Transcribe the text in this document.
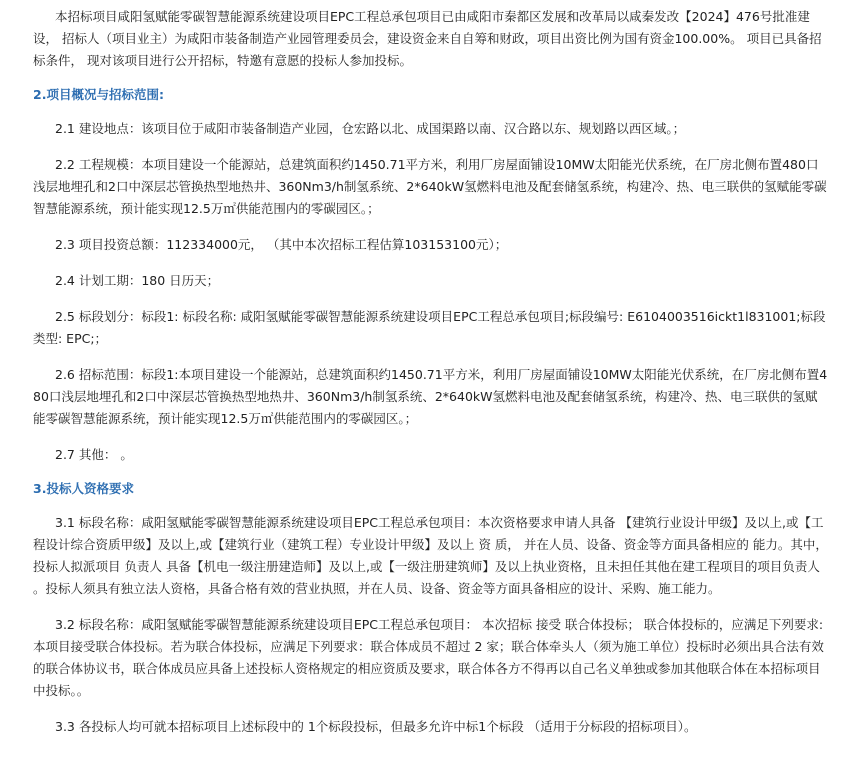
本招标项目咸阳氢赋能零碳智慧能源系统建设项目EPC工程总承包项目已由咸阳市秦都区发展和改革局以咸秦发改【2024】476号批准建设， 招标人（项目业主）为咸阳市装备制造产业园管理委员会，建设资金来自自筹和财政，项目出资比例为国有资金100.00%。 项目已具备招标条件， 现对该项目进行公开招标，特邀有意愿的投标人参加投标。

2.项目概况与招标范围:

2.1 建设地点：该项目位于咸阳市装备制造产业园，仓宏路以北、成国渠路以南、汉合路以东、规划路以西区域。；

2.2 工程规模：本项目建设一个能源站，总建筑面积约1450.71平方米，利用厂房屋面铺设10MW太阳能光伏系统，在厂房北侧布置480口浅层地埋孔和2口中深层芯管换热型地热井、360Nm3/h制氢系统、2*640kW氢燃料电池及配套储氢系统，构建冷、热、电三联供的氢赋能零碳智慧能源系统，预计能实现12.5万㎡供能范围内的零碳园区。；

2.3 项目投资总额：112334000元， （其中本次招标工程估算103153100元）；

2.4 计划工期：180 日历天；

2.5 标段划分：标段1: 标段名称: 咸阳氢赋能零碳智慧能源系统建设项目EPC工程总承包项目;标段编号: E6104003516ickt1l831001;标段类型: EPC;；

2.6 招标范围：标段1:本项目建设一个能源站，总建筑面积约1450.71平方米，利用厂房屋面铺设10MW太阳能光伏系统，在厂房北侧布置480口浅层地埋孔和2口中深层芯管换热型地热井、360Nm3/h制氢系统、2*640kW氢燃料电池及配套储氢系统，构建冷、热、电三联供的氢赋能零碳智慧能源系统，预计能实现12.5万㎡供能范围内的零碳园区。；

2.7 其他： 。

3.投标人资格要求

3.1 标段名称：咸阳氢赋能零碳智慧能源系统建设项目EPC工程总承包项目：本次资格要求申请人具备 【建筑行业设计甲级】及以上,或【工程设计综合资质甲级】及以上,或【建筑行业（建筑工程）专业设计甲级】及以上 资 质， 并在人员、设备、资金等方面具备相应的 能力。其中，投标人拟派项目 负责人 具备【机电一级注册建造师】及以上,或【一级注册建筑师】及以上执业资格，且未担任其他在建工程项目的项目负责人 。投标人须具有独立法人资格，具备合格有效的营业执照，并在人员、设备、资金等方面具备相应的设计、采购、施工能力。

3.2 标段名称：咸阳氢赋能零碳智慧能源系统建设项目EPC工程总承包项目： 本次招标 接受 联合体投标； 联合体投标的，应满足下列要求: 本项目接受联合体投标。若为联合体投标，应满足下列要求：联合体成员不超过 2 家；联合体牵头人（须为施工单位）投标时必须出具合法有效的联合体协议书，联合体成员应具备上述投标人资格规定的相应资质及要求，联合体各方不得再以自己名义单独或参加其他联合体在本招标项目中投标。。

3.3 各投标人均可就本招标项目上述标段中的 1个标段投标，但最多允许中标1个标段 （适用于分标段的招标项目）。
